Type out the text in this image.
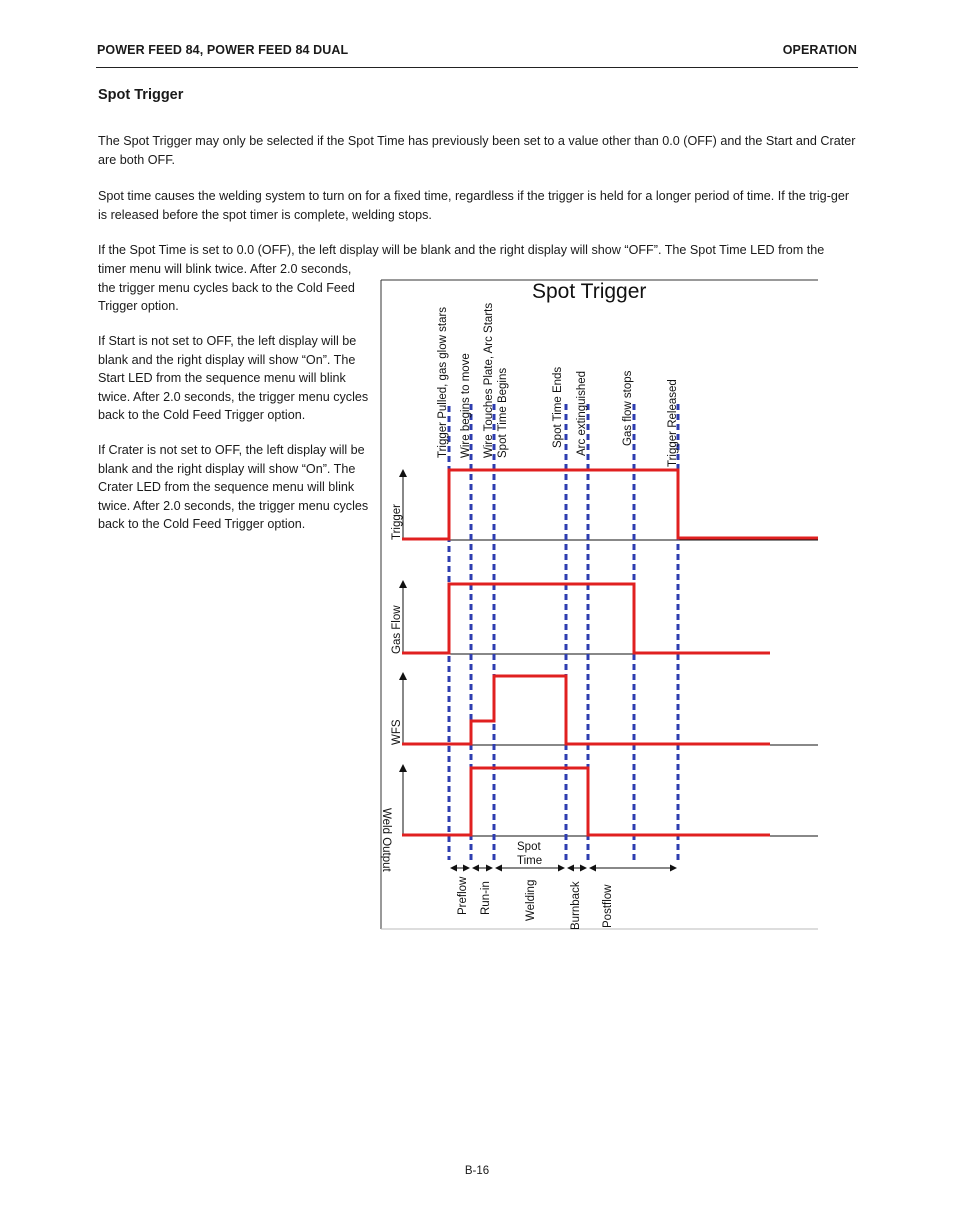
POWER FEED 84, POWER FEED 84 DUAL	OPERATION
Spot Trigger

The Spot Trigger may only be selected if the Spot Time has previously been set to a value other than 0.0 (OFF) and the Start and Crater are both OFF.

Spot time causes the welding system to turn on for a fixed time, regardless if the trigger is held for a longer period of time. If the trig-ger is released before the spot timer is complete, welding stops.

If the Spot Time is set to 0.0 (OFF), the left display will be blank and the right display will show “OFF”. The Spot Time LED from the

timer menu will blink twice. After 2.0 seconds, the trigger menu cycles back to the Cold Feed Trigger option.

If Start is not set to OFF, the left display will be blank and the right display will show “On”. The Start LED from the sequence menu will blink twice. After 2.0 seconds, the trigger menu cycles back to the Cold Feed Trigger option.

If Crater is not set to OFF, the left display will be blank and the right display will show “On”. The Crater LED from the sequence menu will blink twice. After 2.0 seconds, the trigger menu cycles back to the Cold Feed Trigger option.

Spot Trigger
Trigger
Gas Flow
WFS
Weld Output
Trigger Pulled, gas glow stars Wire begins to move Wire Touches Plate, Arc Starts Spot Time Begins	Spot Time Ends Arc extinguished	Gas flow stops	Trigger Released
Spot
Time
Preflow Run-in	Welding	Burnback Postflow
B-16
